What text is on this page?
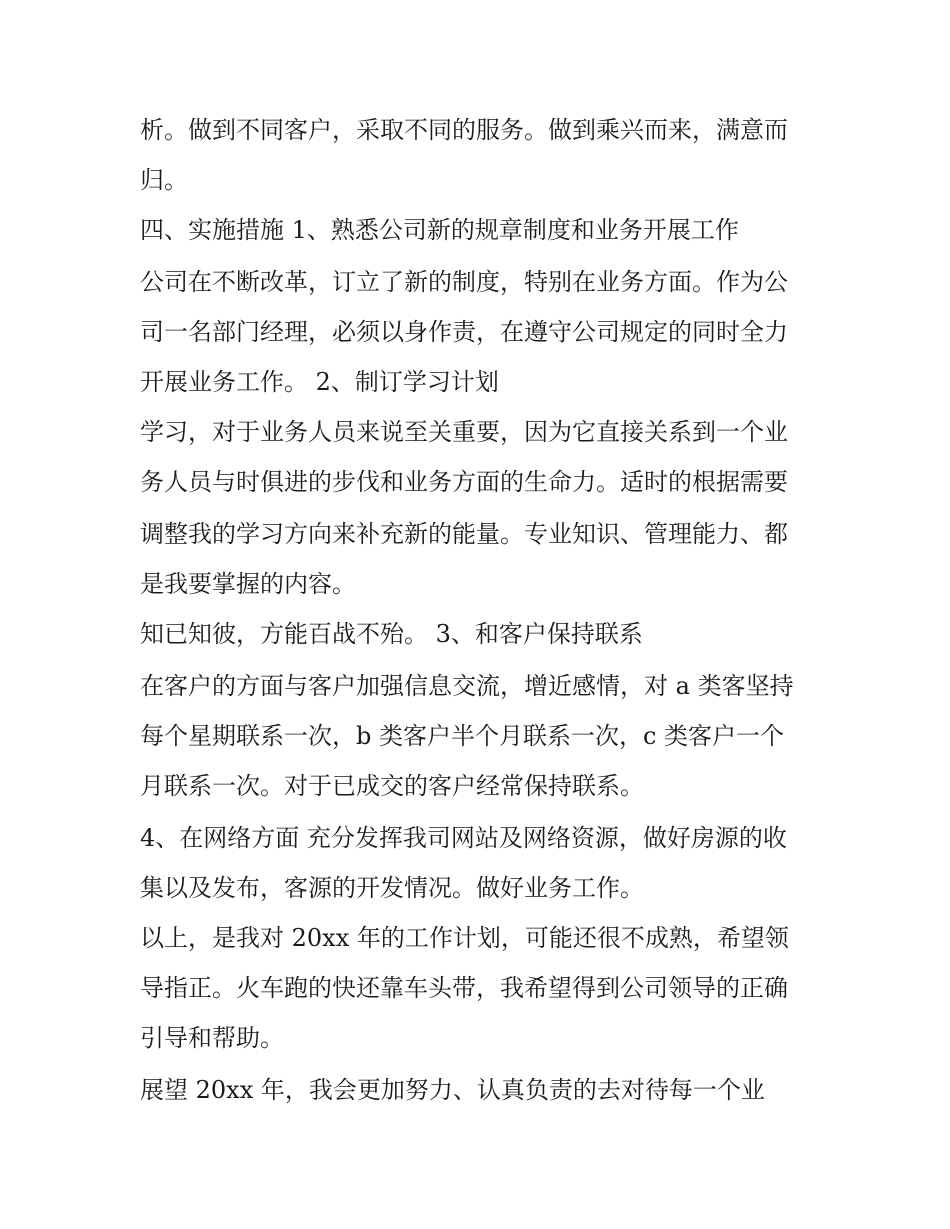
析。做到不同客户，采取不同的服务。做到乘兴而来，满意而
归。
四、实施措施 1、熟悉公司新的规章制度和业务开展工作
公司在不断改革，订立了新的制度，特别在业务方面。作为公
司一名部门经理，必须以身作责，在遵守公司规定的同时全力
开展业务工作。 2、制订学习计划
学习，对于业务人员来说至关重要，因为它直接关系到一个业
务人员与时俱进的步伐和业务方面的生命力。适时的根据需要
调整我的学习方向来补充新的能量。专业知识、管理能力、都
是我要掌握的内容。
知已知彼，方能百战不殆。 3、和客户保持联系
在客户的方面与客户加强信息交流，增近感情，对 a 类客坚持
每个星期联系一次，b 类客户半个月联系一次，c 类客户一个
月联系一次。对于已成交的客户经常保持联系。
4、在网络方面 充分发挥我司网站及网络资源，做好房源的收
集以及发布，客源的开发情况。做好业务工作。
以上，是我对 20xx 年的工作计划，可能还很不成熟，希望领
导指正。火车跑的快还靠车头带，我希望得到公司领导的正确
引导和帮助。
展望 20xx 年，我会更加努力、认真负责的去对待每一个业
